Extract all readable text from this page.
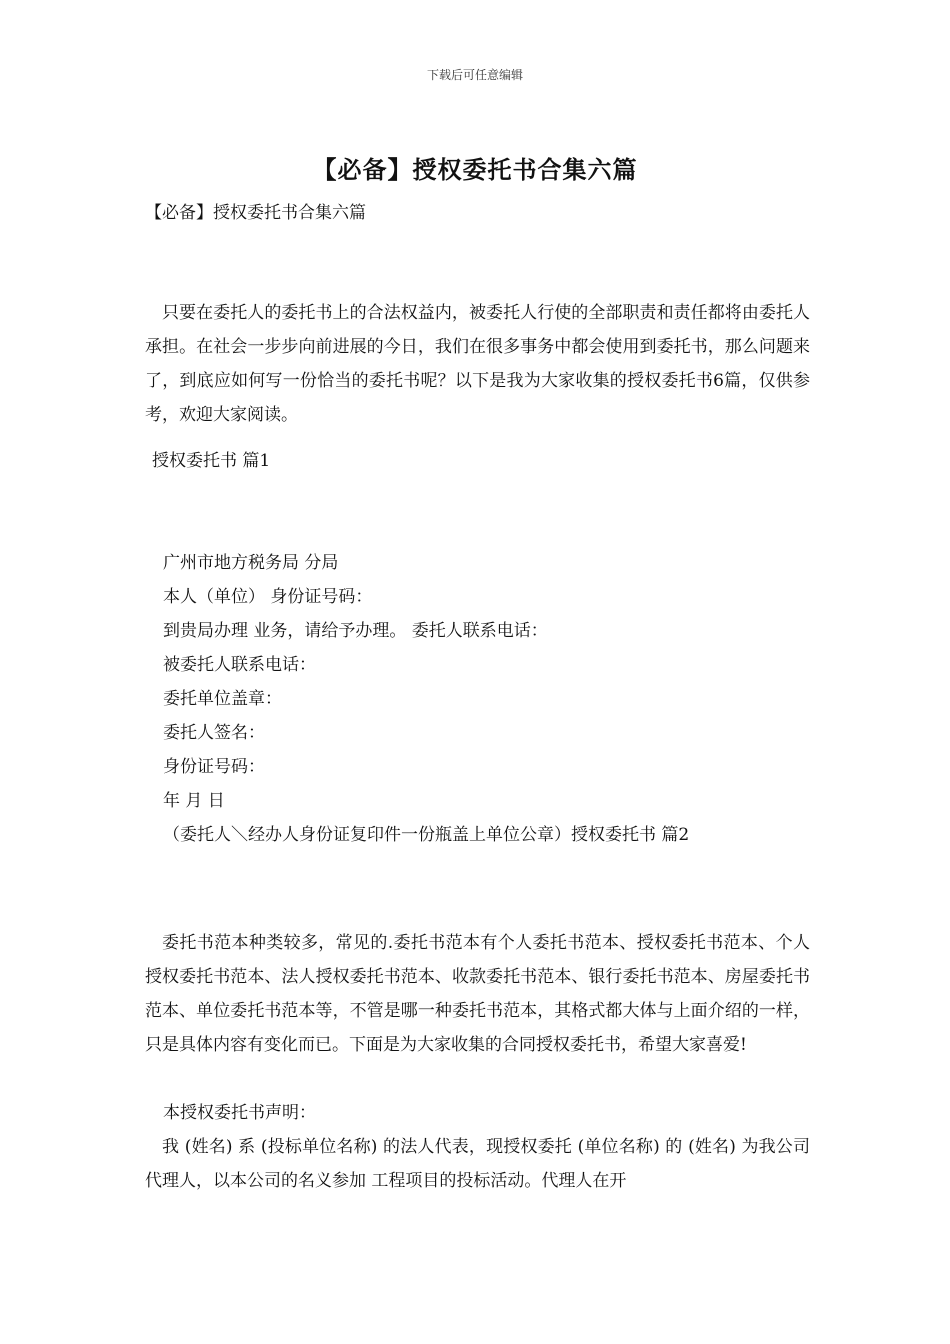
下载后可任意编辑
【必备】授权委托书合集六篇
【必备】授权委托书合集六篇
只要在委托人的委托书上的合法权益内，被委托人行使的全部职责和责任都将由委托人承担。在社会一步步向前进展的今日，我们在很多事务中都会使用到委托书，那么问题来了，到底应如何写一份恰当的委托书呢？以下是我为大家收集的授权委托书6篇，仅供参考，欢迎大家阅读。
授权委托书 篇1
广州市地方税务局 分局
本人（单位） 身份证号码：
到贵局办理 业务，请给予办理。 委托人联系电话：
被委托人联系电话：
委托单位盖章：
委托人签名：
身份证号码：
年 月 日
（委托人＼经办人身份证复印件一份瓶盖上单位公章）授权委托书 篇2
委托书范本种类较多，常见的.委托书范本有个人委托书范本、授权委托书范本、个人授权委托书范本、法人授权委托书范本、收款委托书范本、银行委托书范本、房屋委托书范本、单位委托书范本等，不管是哪一种委托书范本，其格式都大体与上面介绍的一样，只是具体内容有变化而已。下面是为大家收集的合同授权委托书，希望大家喜爱!
本授权委托书声明：
我 (姓名) 系 (投标单位名称) 的法人代表，现授权委托 (单位名称) 的 (姓名) 为我公司代理人，以本公司的名义参加 工程项目的投标活动。代理人在开
